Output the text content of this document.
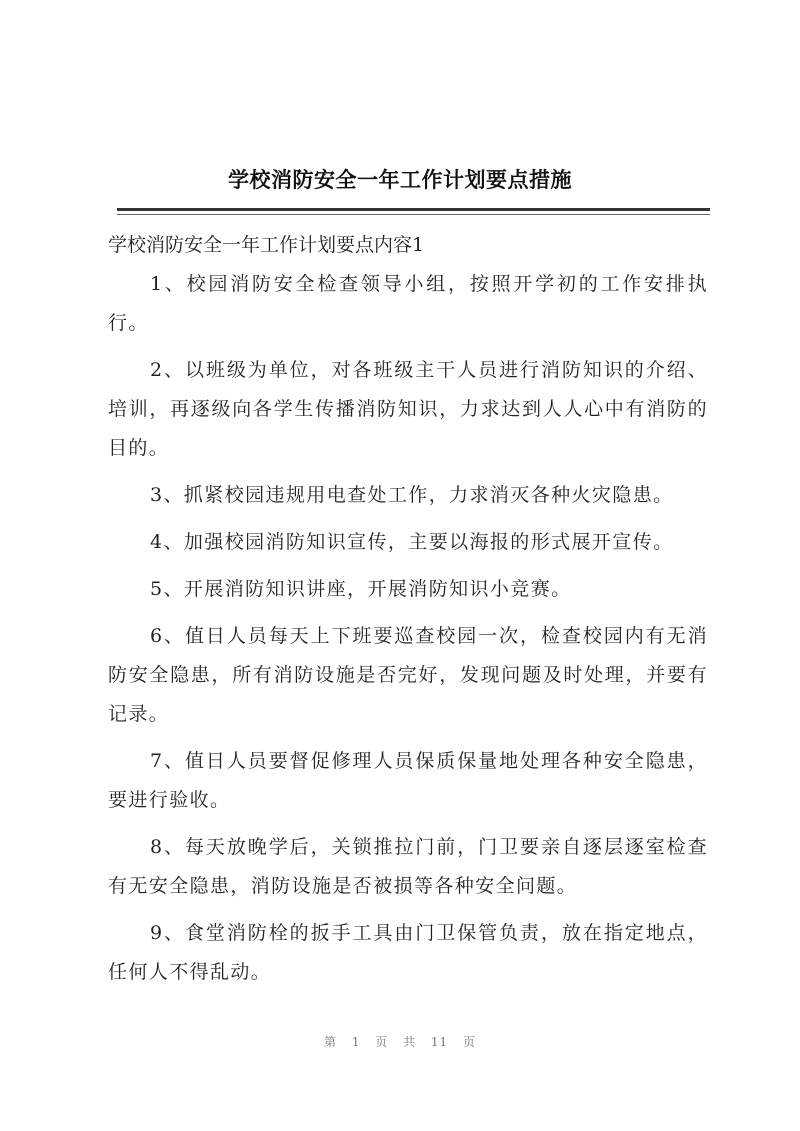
学校消防安全一年工作计划要点措施

学校消防安全一年工作计划要点内容1

1、校园消防安全检查领导小组，按照开学初的工作安排执行。

2、以班级为单位，对各班级主干人员进行消防知识的介绍、培训，再逐级向各学生传播消防知识，力求达到人人心中有消防的目的。

3、抓紧校园违规用电查处工作，力求消灭各种火灾隐患。

4、加强校园消防知识宣传，主要以海报的形式展开宣传。

5、开展消防知识讲座，开展消防知识小竞赛。

6、值日人员每天上下班要巡查校园一次，检查校园内有无消防安全隐患，所有消防设施是否完好，发现问题及时处理，并要有记录。

7、值日人员要督促修理人员保质保量地处理各种安全隐患，要进行验收。

8、每天放晚学后，关锁推拉门前，门卫要亲自逐层逐室检查有无安全隐患，消防设施是否被损等各种安全问题。

9、食堂消防栓的扳手工具由门卫保管负责，放在指定地点，任何人不得乱动。

第 1 页 共 11 页
